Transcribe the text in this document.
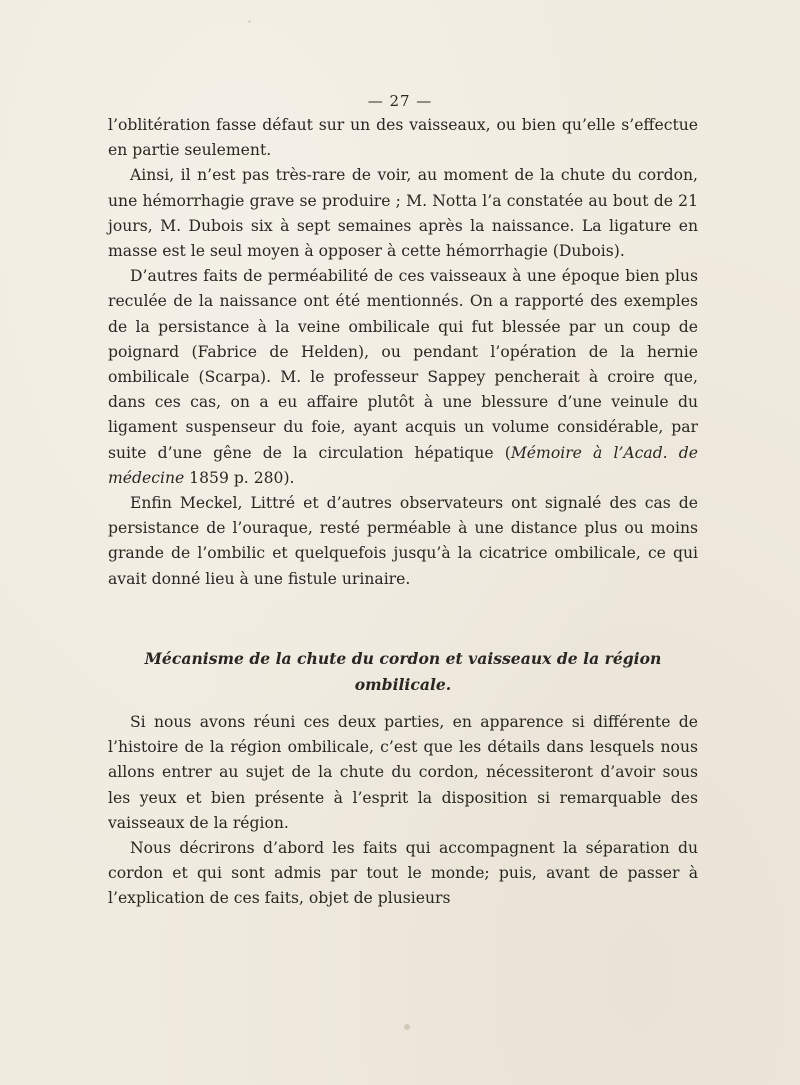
— 27 —

l’oblitération fasse défaut sur un des vaisseaux, ou bien qu’elle s’effectue en partie seulement.

Ainsi, il n’est pas très-rare de voir, au moment de la chute du cordon, une hémorrhagie grave se produire ; M. Notta l’a constatée au bout de 21 jours, M. Dubois six à sept semaines après la naissance. La ligature en masse est le seul moyen à opposer à cette hémorrhagie (Dubois).

D’autres faits de perméabilité de ces vaisseaux à une époque bien plus reculée de la naissance ont été mentionnés. On a rapporté des exemples de la persistance à la veine ombilicale qui fut blessée par un coup de poignard (Fabrice de Helden), ou pendant l’opération de la hernie ombilicale (Scarpa). M. le professeur Sappey pencherait à croire que, dans ces cas, on a eu affaire plutôt à une blessure d’une veinule du ligament suspenseur du foie, ayant acquis un volume considérable, par suite d’une gêne de la circulation hépatique (Mémoire à l’Acad. de médecine 1859 p. 280).

Enfin Meckel, Littré et d’autres observateurs ont signalé des cas de persistance de l’ouraque, resté perméable à une distance plus ou moins grande de l’ombilic et quelquefois jusqu’à la cicatrice ombilicale, ce qui avait donné lieu à une fistule urinaire.

Mécanisme de la chute du cordon et vaisseaux de la région ombilicale.

Si nous avons réuni ces deux parties, en apparence si différente de l’histoire de la région ombilicale, c’est que les détails dans lesquels nous allons entrer au sujet de la chute du cordon, nécessiteront d’avoir sous les yeux et bien présente à l’esprit la disposition si remarquable des vaisseaux de la région.

Nous décrirons d’abord les faits qui accompagnent la séparation du cordon et qui sont admis par tout le monde; puis, avant de passer à l’explication de ces faits, objet de plusieurs
